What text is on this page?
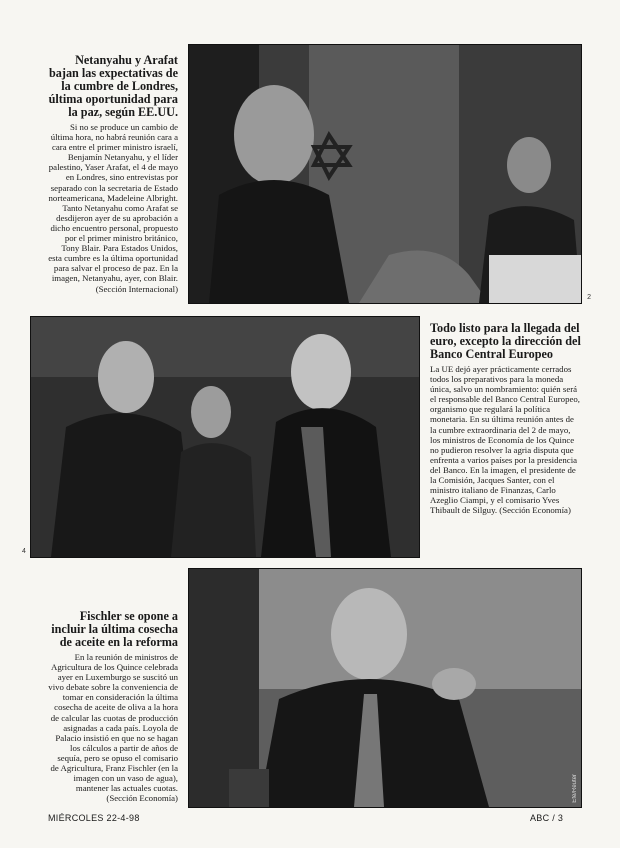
Netanyahu y Arafat bajan las expectativas de la cumbre de Londres, última oportunidad para la paz, según EE.UU.

Si no se produce un cambio de última hora, no habrá reunión cara a cara entre el primer ministro israelí, Benjamín Netanyahu, y el líder palestino, Yaser Arafat, el 4 de mayo en Londres, sino entrevistas por separado con la secretaria de Estado norteamericana, Madeleine Albright. Tanto Netanyahu como Arafat se desdijeron ayer de su aprobación a dicho encuentro personal, propuesto por el primer ministro británico, Tony Blair. Para Estados Unidos, esta cumbre es la última oportunidad para salvar el proceso de paz. En la imagen, Netanyahu, ayer, con Blair. (Sección Internacional)

2
4
Todo listo para la llegada del euro, excepto la dirección del Banco Central Europeo

La UE dejó ayer prácticamente cerrados todos los preparativos para la moneda única, salvo un nombramiento: quién será el responsable del Banco Central Europeo, organismo que regulará la política monetaria. En su última reunión antes de la cumbre extraordinaria del 2 de mayo, los ministros de Economía de los Quince no pudieron resolver la agria disputa que enfrenta a varios países por la presidencia del Banco. En la imagen, el presidente de la Comisión, Jacques Santer, con el ministro italiano de Finanzas, Carlo Azeglio Ciampi, y el comisario Yves Thibault de Silguy. (Sección Economía)

Fischler se opone a incluir la última cosecha de aceite en la reforma

En la reunión de ministros de Agricultura de los Quince celebrada ayer en Luxemburgo se suscitó un vivo debate sobre la conveniencia de tomar en consideración la última cosecha de aceite de oliva a la hora de calcular las cuotas de producción asignadas a cada país. Loyola de Palacio insistió en que no se hagan los cálculos a partir de años de sequía, pero se opuso el comisario de Agricultura, Franz Fischler (en la imagen con un vaso de agua), mantener las actuales cuotas. (Sección Economía)	Efe/Reuter
MIÉRCOLES 22-4-98	ABC / 3
